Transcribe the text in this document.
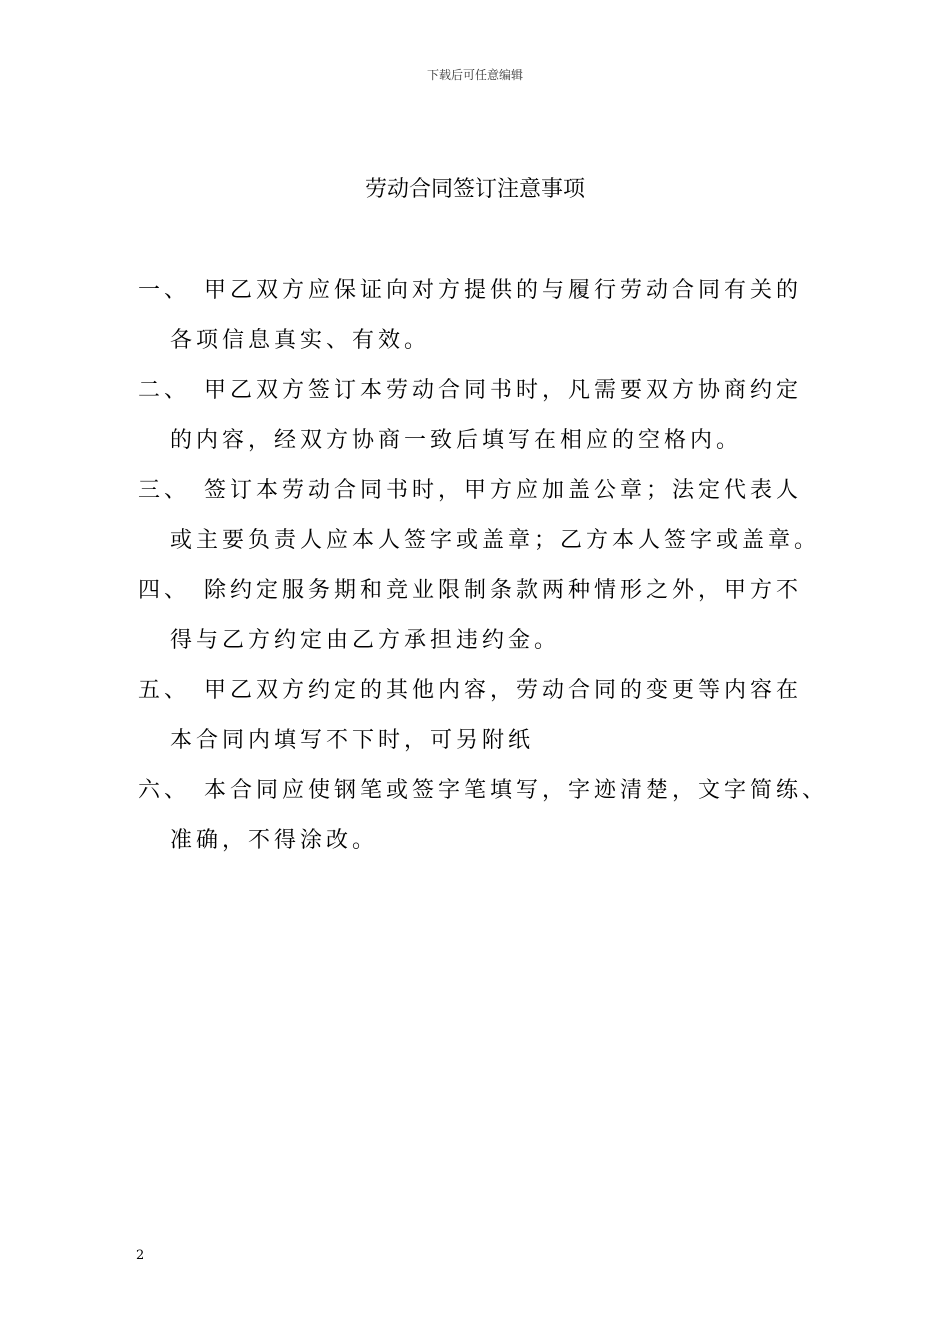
下载后可任意编辑
劳动合同签订注意事项
一、 甲乙双方应保证向对方提供的与履行劳动合同有关的
各项信息真实、有效。
二、 甲乙双方签订本劳动合同书时，凡需要双方协商约定
的内容，经双方协商一致后填写在相应的空格内。
三、 签订本劳动合同书时，甲方应加盖公章；法定代表人
或主要负责人应本人签字或盖章；乙方本人签字或盖章。
四、 除约定服务期和竞业限制条款两种情形之外，甲方不
得与乙方约定由乙方承担违约金。
五、 甲乙双方约定的其他内容，劳动合同的变更等内容在
本合同内填写不下时，可另附纸
六、 本合同应使钢笔或签字笔填写，字迹清楚，文字简练、
准确，不得涂改。
2
